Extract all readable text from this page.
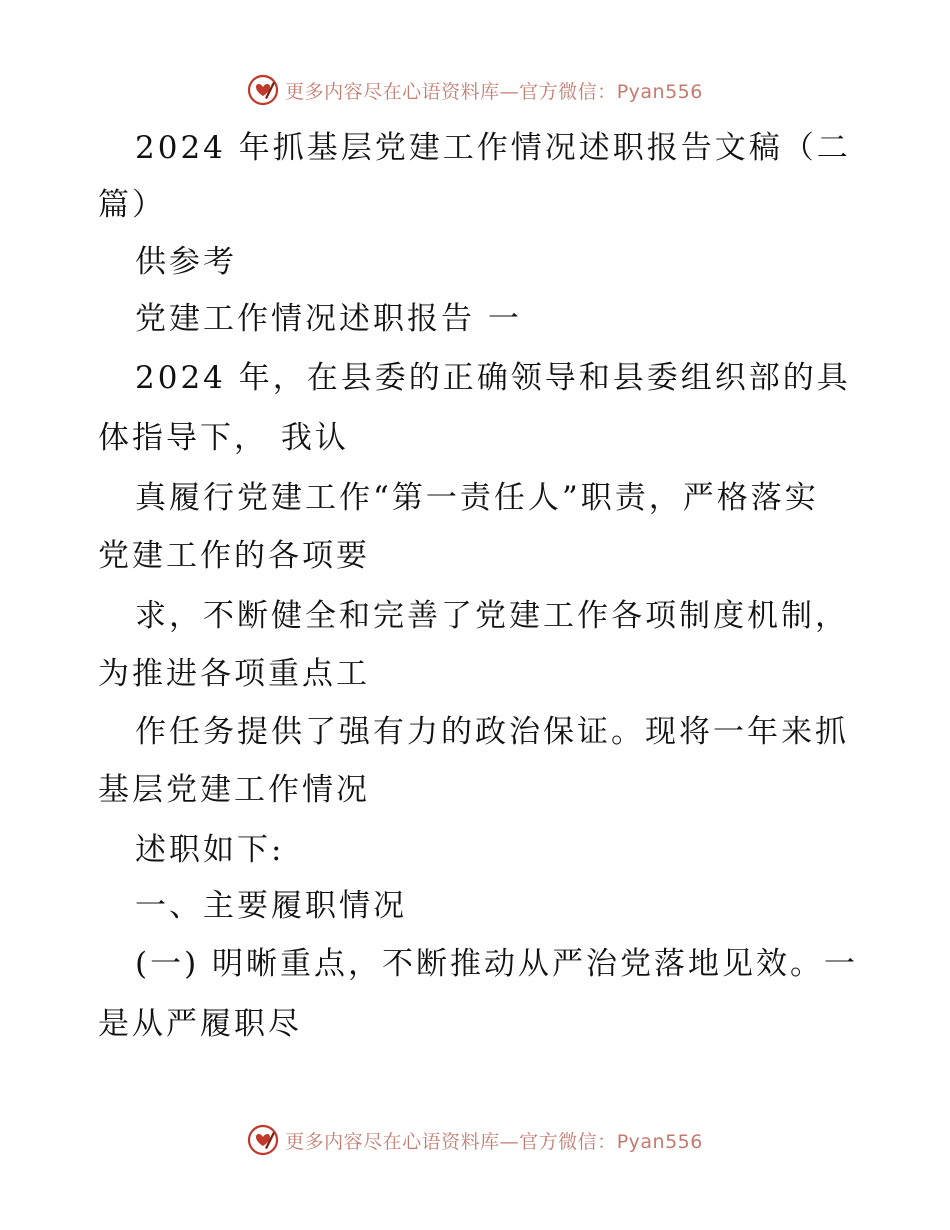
更多内容尽在心语资料库—官方微信：Pyan556
2024 年抓基层党建工作情况述职报告文稿（二
篇）
供参考
党建工作情况述职报告 一
2024 年，在县委的正确领导和县委组织部的具
体指导下， 我认
真履行党建工作“第一责任人”职责，严格落实
党建工作的各项要
求，不断健全和完善了党建工作各项制度机制，
为推进各项重点工
作任务提供了强有力的政治保证。现将一年来抓
基层党建工作情况
述职如下:
一、主要履职情况
(一) 明晰重点，不断推动从严治党落地见效。一
是从严履职尽
更多内容尽在心语资料库—官方微信：Pyan556
